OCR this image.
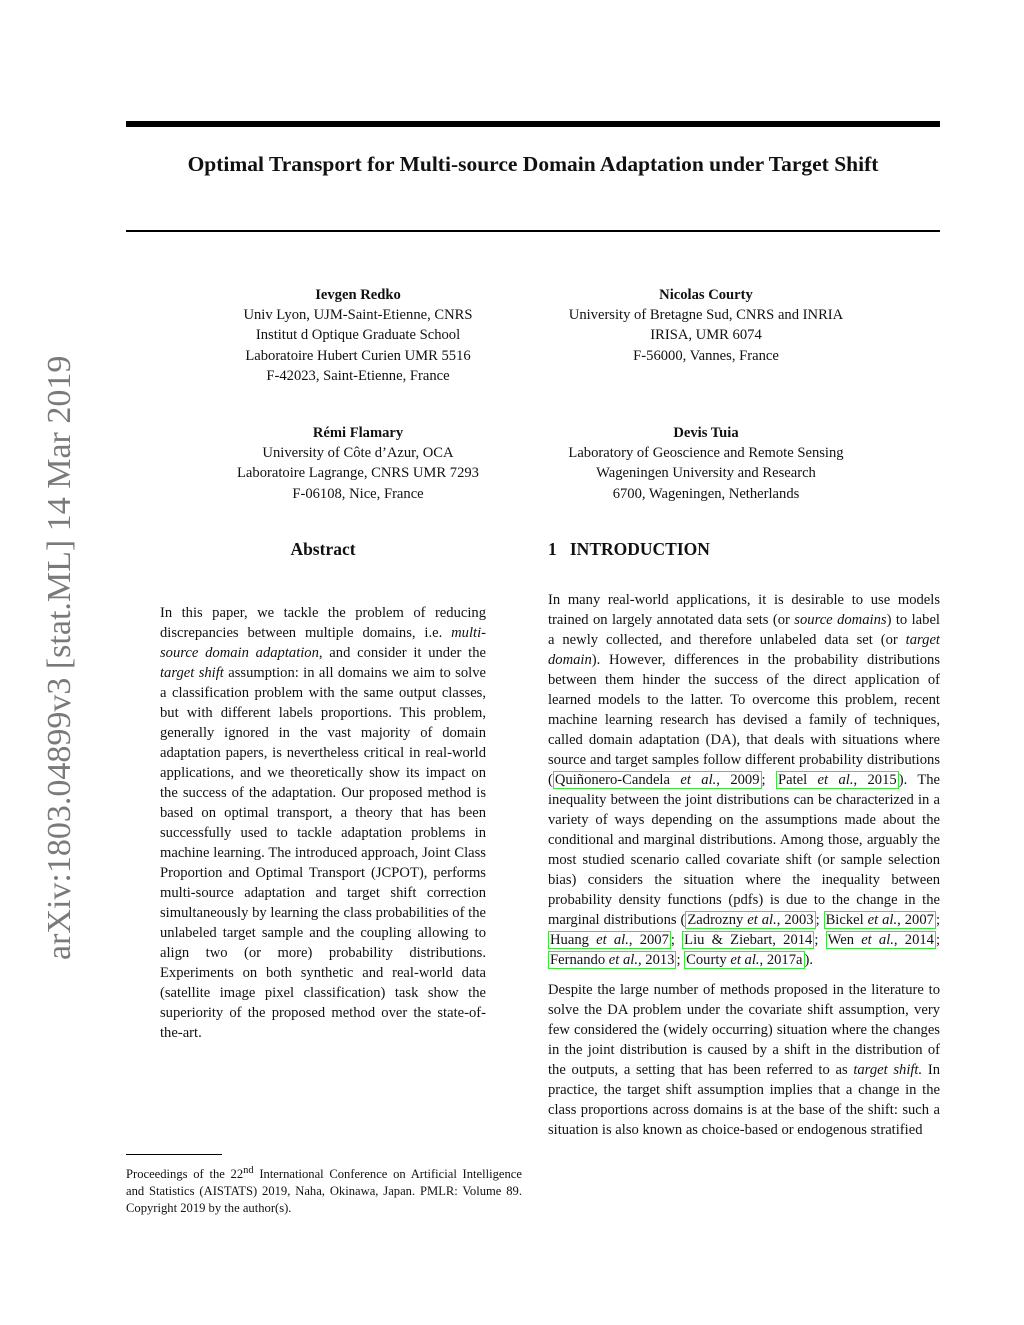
arXiv:1803.04899v3 [stat.ML] 14 Mar 2019
Optimal Transport for Multi-source Domain Adaptation under Target Shift
Ievgen Redko
Univ Lyon, UJM-Saint-Etienne, CNRS
Institut d Optique Graduate School
Laboratoire Hubert Curien UMR 5516
F-42023, Saint-Etienne, France
Nicolas Courty
University of Bretagne Sud, CNRS and INRIA
IRISA, UMR 6074
F-56000, Vannes, France
Rémi Flamary
University of Côte d’Azur, OCA
Laboratoire Lagrange, CNRS UMR 7293
F-06108, Nice, France
Devis Tuia
Laboratory of Geoscience and Remote Sensing
Wageningen University and Research
6700, Wageningen, Netherlands
Abstract
In this paper, we tackle the problem of reducing discrepancies between multiple domains, i.e. multi-source domain adaptation, and consider it under the target shift assumption: in all domains we aim to solve a classification problem with the same output classes, but with different labels proportions. This problem, generally ignored in the vast majority of domain adaptation papers, is nevertheless critical in real-world applications, and we theoretically show its impact on the success of the adaptation. Our proposed method is based on optimal transport, a theory that has been successfully used to tackle adaptation problems in machine learning. The introduced approach, Joint Class Proportion and Optimal Transport (JCPOT), performs multi-source adaptation and target shift correction simultaneously by learning the class probabilities of the unlabeled target sample and the coupling allowing to align two (or more) probability distributions. Experiments on both synthetic and real-world data (satellite image pixel classification) task show the superiority of the proposed method over the state-of-the-art.
1 INTRODUCTION

In many real-world applications, it is desirable to use models trained on largely annotated data sets (or source domains) to label a newly collected, and therefore unlabeled data set (or target domain). However, differences in the probability distributions between them hinder the success of the direct application of learned models to the latter. To overcome this problem, recent machine learning research has devised a family of techniques, called domain adaptation (DA), that deals with situations where source and target samples follow different probability distributions ( Quiñonero-Candela et al., 2009 ; Patel et al., 2015 ). The inequality between the joint distributions can be characterized in a variety of ways depending on the assumptions made about the conditional and marginal distributions. Among those, arguably the most studied scenario called covariate shift (or sample selection bias) considers the situation where the inequality between probability density functions (pdfs) is due to the change in the marginal distributions ( Zadrozny et al., 2003 ; Bickel et al., 2007 ; Huang et al., 2007 ; Liu & Ziebart, 2014 ; Wen et al., 2014 ; Fernando et al., 2013 ; Courty et al., 2017a ).

Despite the large number of methods proposed in the literature to solve the DA problem under the covariate shift assumption, very few considered the (widely occurring) situation where the changes in the joint distribution is caused by a shift in the distribution of the outputs, a setting that has been referred to as target shift. In practice, the target shift assumption implies that a change in the class proportions across domains is at the base of the shift: such a situation is also known as choice-based or endogenous stratified

Proceedings of the 22nd International Conference on Artificial Intelligence and Statistics (AISTATS) 2019, Naha, Okinawa, Japan. PMLR: Volume 89. Copyright 2019 by the author(s).
